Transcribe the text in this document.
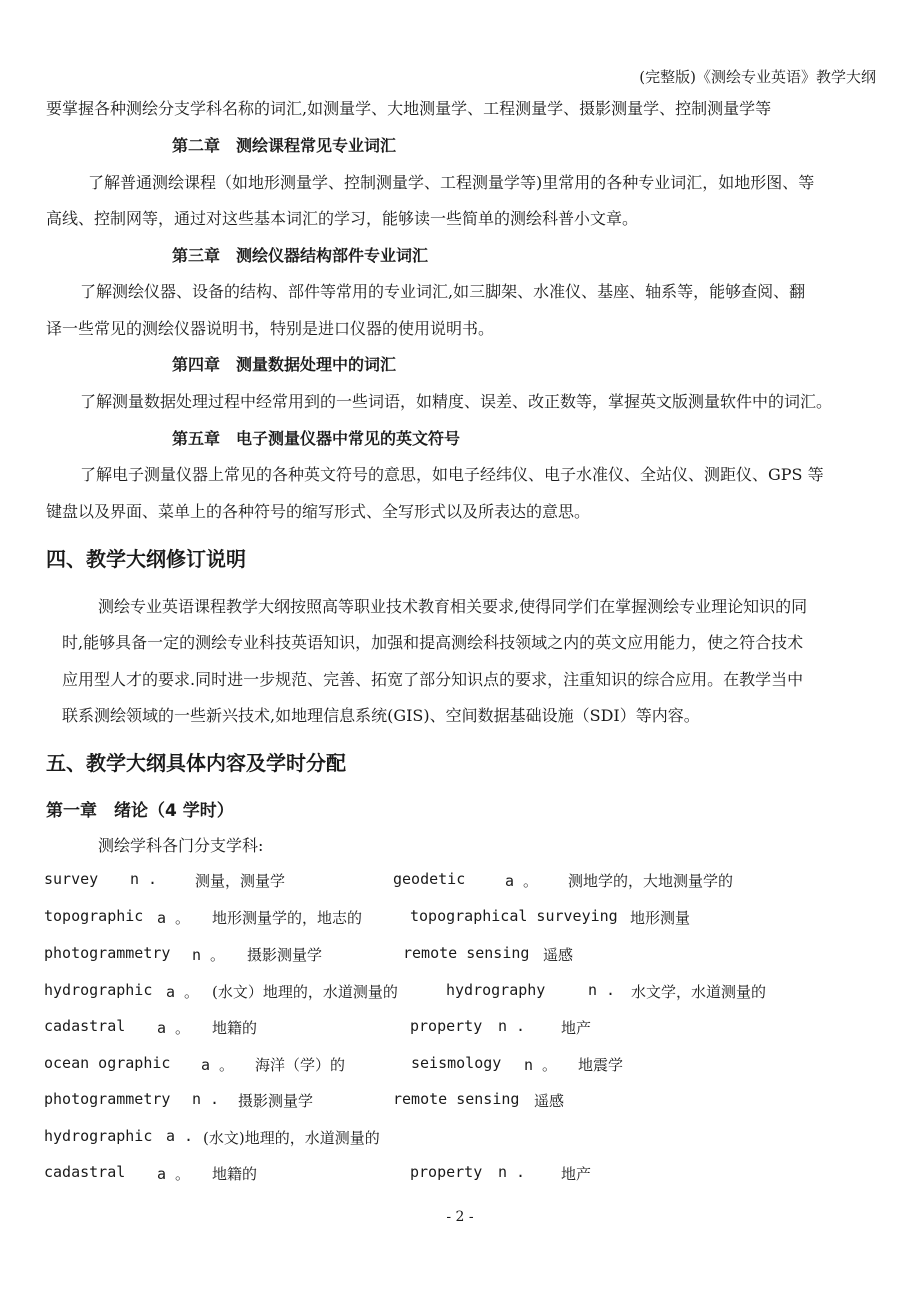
(完整版)《测绘专业英语》教学大纲
要掌握各种测绘分支学科名称的词汇,如测量学、大地测量学、工程测量学、摄影测量学、控制测量学等
第二章　测绘课程常见专业词汇
了解普通测绘课程（如地形测量学、控制测量学、工程测量学等)里常用的各种专业词汇，如地形图、等
高线、控制网等，通过对这些基本词汇的学习，能够读一些简单的测绘科普小文章。
第三章　测绘仪器结构部件专业词汇
了解测绘仪器、设备的结构、部件等常用的专业词汇,如三脚架、水准仪、基座、轴系等，能够查阅、翻
译一些常见的测绘仪器说明书，特别是进口仪器的使用说明书。
第四章　测量数据处理中的词汇
了解测量数据处理过程中经常用到的一些词语，如精度、误差、改正数等，掌握英文版测量软件中的词汇。
第五章　电子测量仪器中常见的英文符号
了解电子测量仪器上常见的各种英文符号的意思，如电子经纬仪、电子水准仪、全站仪、测距仪、GPS 等
键盘以及界面、菜单上的各种符号的缩写形式、全写形式以及所表达的意思。
四、教学大纲修订说明
测绘专业英语课程教学大纲按照高等职业技术教育相关要求,使得同学们在掌握测绘专业理论知识的同
时,能够具备一定的测绘专业科技英语知识，加强和提高测绘科技领域之内的英文应用能力，使之符合技术
应用型人才的要求.同时进一步规范、完善、拓宽了部分知识点的要求，注重知识的综合应用。在教学当中
联系测绘领域的一些新兴技术,如地理信息系统(GIS)、空间数据基础设施（SDI）等内容。
五、教学大纲具体内容及学时分配
第一章　绪论（4 学时）
测绘学科各门分支学科:
survey n .	测量，测量学	geodetic	a 。 测地学的，大地测量学的
topographic a 。 地形测量学的，地志的	topographical surveying 地形测量
photogrammetry n 。 摄影测量学	remote sensing 遥感
hydrographic a 。 (水文）地理的，水道测量的	hydrography	n . 水文学，水道测量的
cadastral a 。 地籍的	property n . 地产
ocean ographic a 。 海洋（学）的	seismology n 。 地震学
photogrammetry n . 摄影测量学	remote sensing 遥感
hydrographic a . (水文)地理的，水道测量的
cadastral a 。 地籍的	property n . 地产
- 2 -
